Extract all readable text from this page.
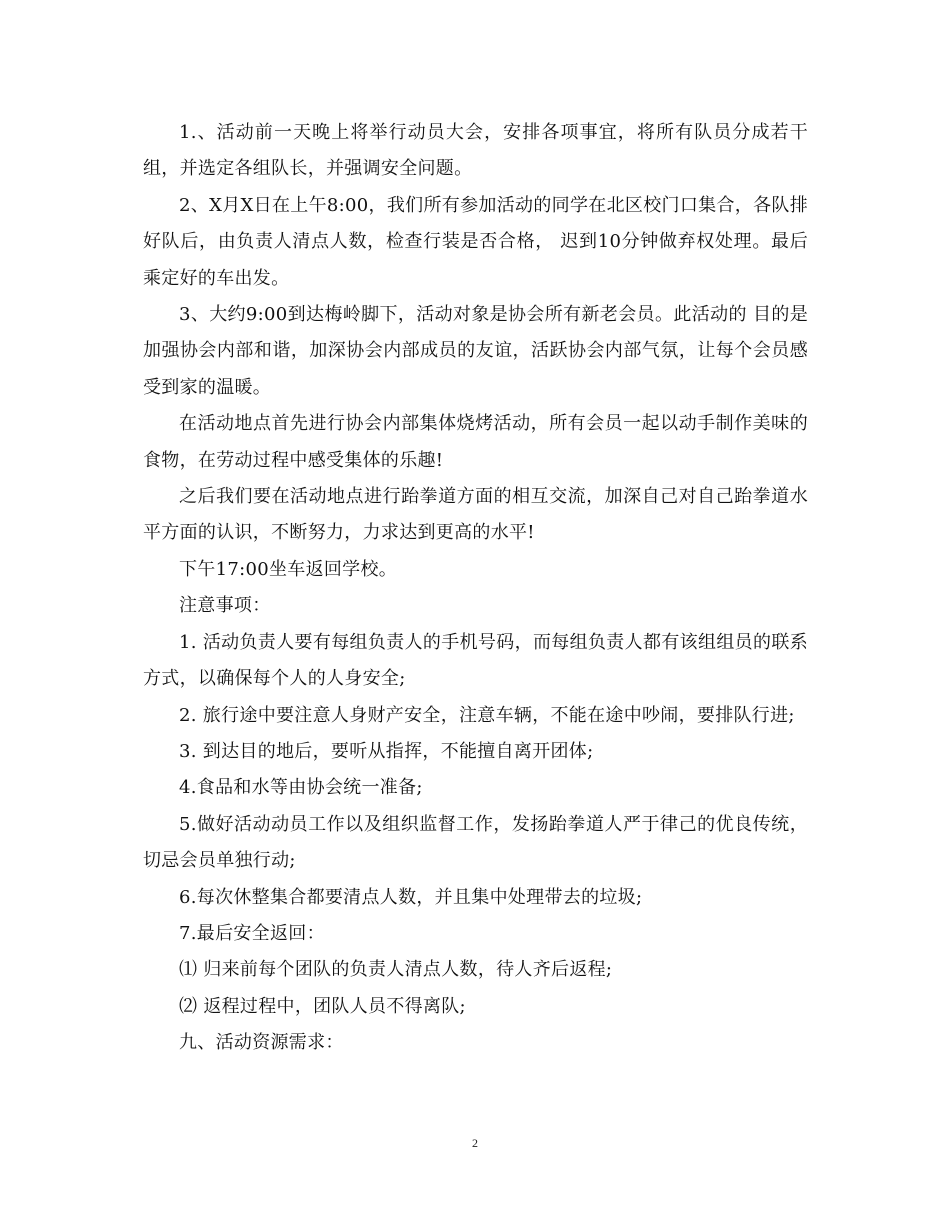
1.、活动前一天晚上将举行动员大会，安排各项事宜，将所有队员分成若干组，并选定各组队长，并强调安全问题。

2、X月X日在上午8:00，我们所有参加活动的同学在北区校门口集合，各队排好队后，由负责人清点人数，检查行装是否合格， 迟到10分钟做弃权处理。最后乘定好的车出发。

3、大约9:00到达梅岭脚下，活动对象是协会所有新老会员。此活动的 目的是加强协会内部和谐，加深协会内部成员的友谊，活跃协会内部气氛，让每个会员感受到家的温暖。

在活动地点首先进行协会内部集体烧烤活动，所有会员一起以动手制作美味的食物，在劳动过程中感受集体的乐趣!

之后我们要在活动地点进行跆拳道方面的相互交流，加深自己对自己跆拳道水平方面的认识，不断努力，力求达到更高的水平!

下午17:00坐车返回学校。

注意事项：

1. 活动负责人要有每组负责人的手机号码，而每组负责人都有该组组员的联系方式，以确保每个人的人身安全;

2. 旅行途中要注意人身财产安全，注意车辆，不能在途中吵闹，要排队行进;

3. 到达目的地后，要听从指挥，不能擅自离开团体;

4.食品和水等由协会统一准备;

5.做好活动动员工作以及组织监督工作，发扬跆拳道人严于律己的优良传统，切忌会员单独行动;

6.每次休整集合都要清点人数，并且集中处理带去的垃圾;

7.最后安全返回：

⑴ 归来前每个团队的负责人清点人数，待人齐后返程;

⑵ 返程过程中，团队人员不得离队;

九、活动资源需求：

2
